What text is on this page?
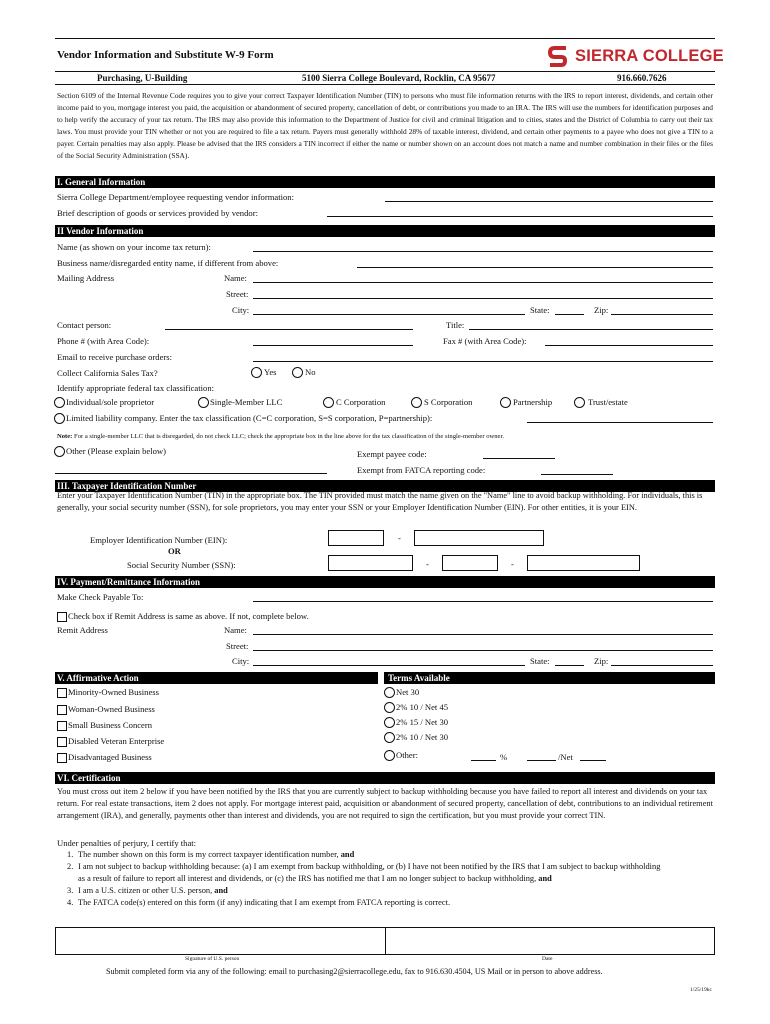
Vendor Information and Substitute W-9 Form	SIERRA COLLEGE
Purchasing, U-Building	5100 Sierra College Boulevard, Rocklin, CA 95677	916.660.7626
Section 6109 of the Internal Revenue Code requires you to give your correct Taxpayer Identification Number (TIN) to persons who must file information returns with the IRS to report interest, dividends, and certain other income paid to you, mortgage interest you paid, the acquisition or abandonment of secured property, cancellation of debt, or contributions you made to an IRA. The IRS will use the numbers for identification purposes and to help verify the accuracy of your tax return. The IRS may also provide this information to the Department of Justice for civil and criminal litigation and to cities, states and the District of Columbia to carry out their tax laws. You must provide your TIN whether or not you are required to file a tax return. Payers must generally withhold 28% of taxable interest, dividend, and certain other payments to a payee who does not give a TIN to a payer. Certain penalties may also apply. Please be advised that the IRS considers a TIN incorrect if either the name or number shown on an account does not match a name and number combination in their files or the files of the Social Security Administration (SSA).
I. General Information
Sierra College Department/employee requesting vendor information:
Brief description of goods or services provided by vendor:
II Vendor Information
Name (as shown on your income tax return):
Business name/disregarded entity name, if different from above:
Mailing Address	Name:
Street:
City:	State:	Zip:
Contact person:	Title:
Phone # (with Area Code):	Fax # (with Area Code):
Email to receive purchase orders:
Collect California Sales Tax?	Yes	No
Identify appropriate federal tax classification:
Individual/sole proprietor	Single-Member LLC	C Corporation	S Corporation	Partnership	Trust/estate
Limited liability company. Enter the tax classification (C=C corporation, S=S corporation, P=partnership):
Note: For a single-member LLC that is disregarded, do not check LLC; check the appropriate box in the line above for the tax classification of the single-member owner.
Other (Please explain below)	Exempt payee code:
Exempt from FATCA reporting code:
III. Taxpayer Identification Number
Enter your Taxpayer Identification Number (TIN) in the appropriate box. The TIN provided must match the name given on the "Name" line to avoid backup withholding. For individuals, this is generally, your social security number (SSN), for sole proprietors, you may enter your SSN or your Employer Identification Number (EIN). For other entities, it is your EIN.
Employer Identification Number (EIN):	-
OR
Social Security Number (SSN):	-	-
IV. Payment/Remittance Information
Make Check Payable To:
Check box if Remit Address is same as above. If not, complete below.
Remit Address	Name:
Street:
City:	State:	Zip:
V. Affirmative Action	Terms Available
Minority-Owned Business
Woman-Owned Business
Small Business Concern
Disabled Veteran Enterprise
Disadvantaged Business
Net 30
2% 10 / Net 45
2% 15 / Net 30
2% 10 / Net 30
Other:	%	/Net
VI. Certification
You must cross out item 2 below if you have been notified by the IRS that you are currently subject to backup withholding because you have failed to report all interest and dividends on your tax return. For real estate transactions, item 2 does not apply. For mortgage interest paid, acquisition or abandonment of secured property, cancellation of debt, contributions to an individual retirement arrangement (IRA), and generally, payments other than interest and dividends, you are not required to sign the certification, but you must provide your correct TIN.
Under penalties of perjury, I certify that:
1. The number shown on this form is my correct taxpayer identification number, and
2. I am not subject to backup withholding because: (a) I am exempt from backup withholding, or (b) I have not been notified by the IRS that I am subject to backup withholding as a result of failure to report all interest and dividends, or (c) the IRS has notified me that I am no longer subject to backup withholding, and
3. I am a U.S. citizen or other U.S. person, and
4. The FATCA code(s) entered on this form (if any) indicating that I am exempt from FATCA reporting is correct.
Signature of U.S. person	Date
Submit completed form via any of the following: email to purchasing2@sierracollege.edu, fax to 916.630.4504, US Mail or in person to above address.
1/25/19kc
